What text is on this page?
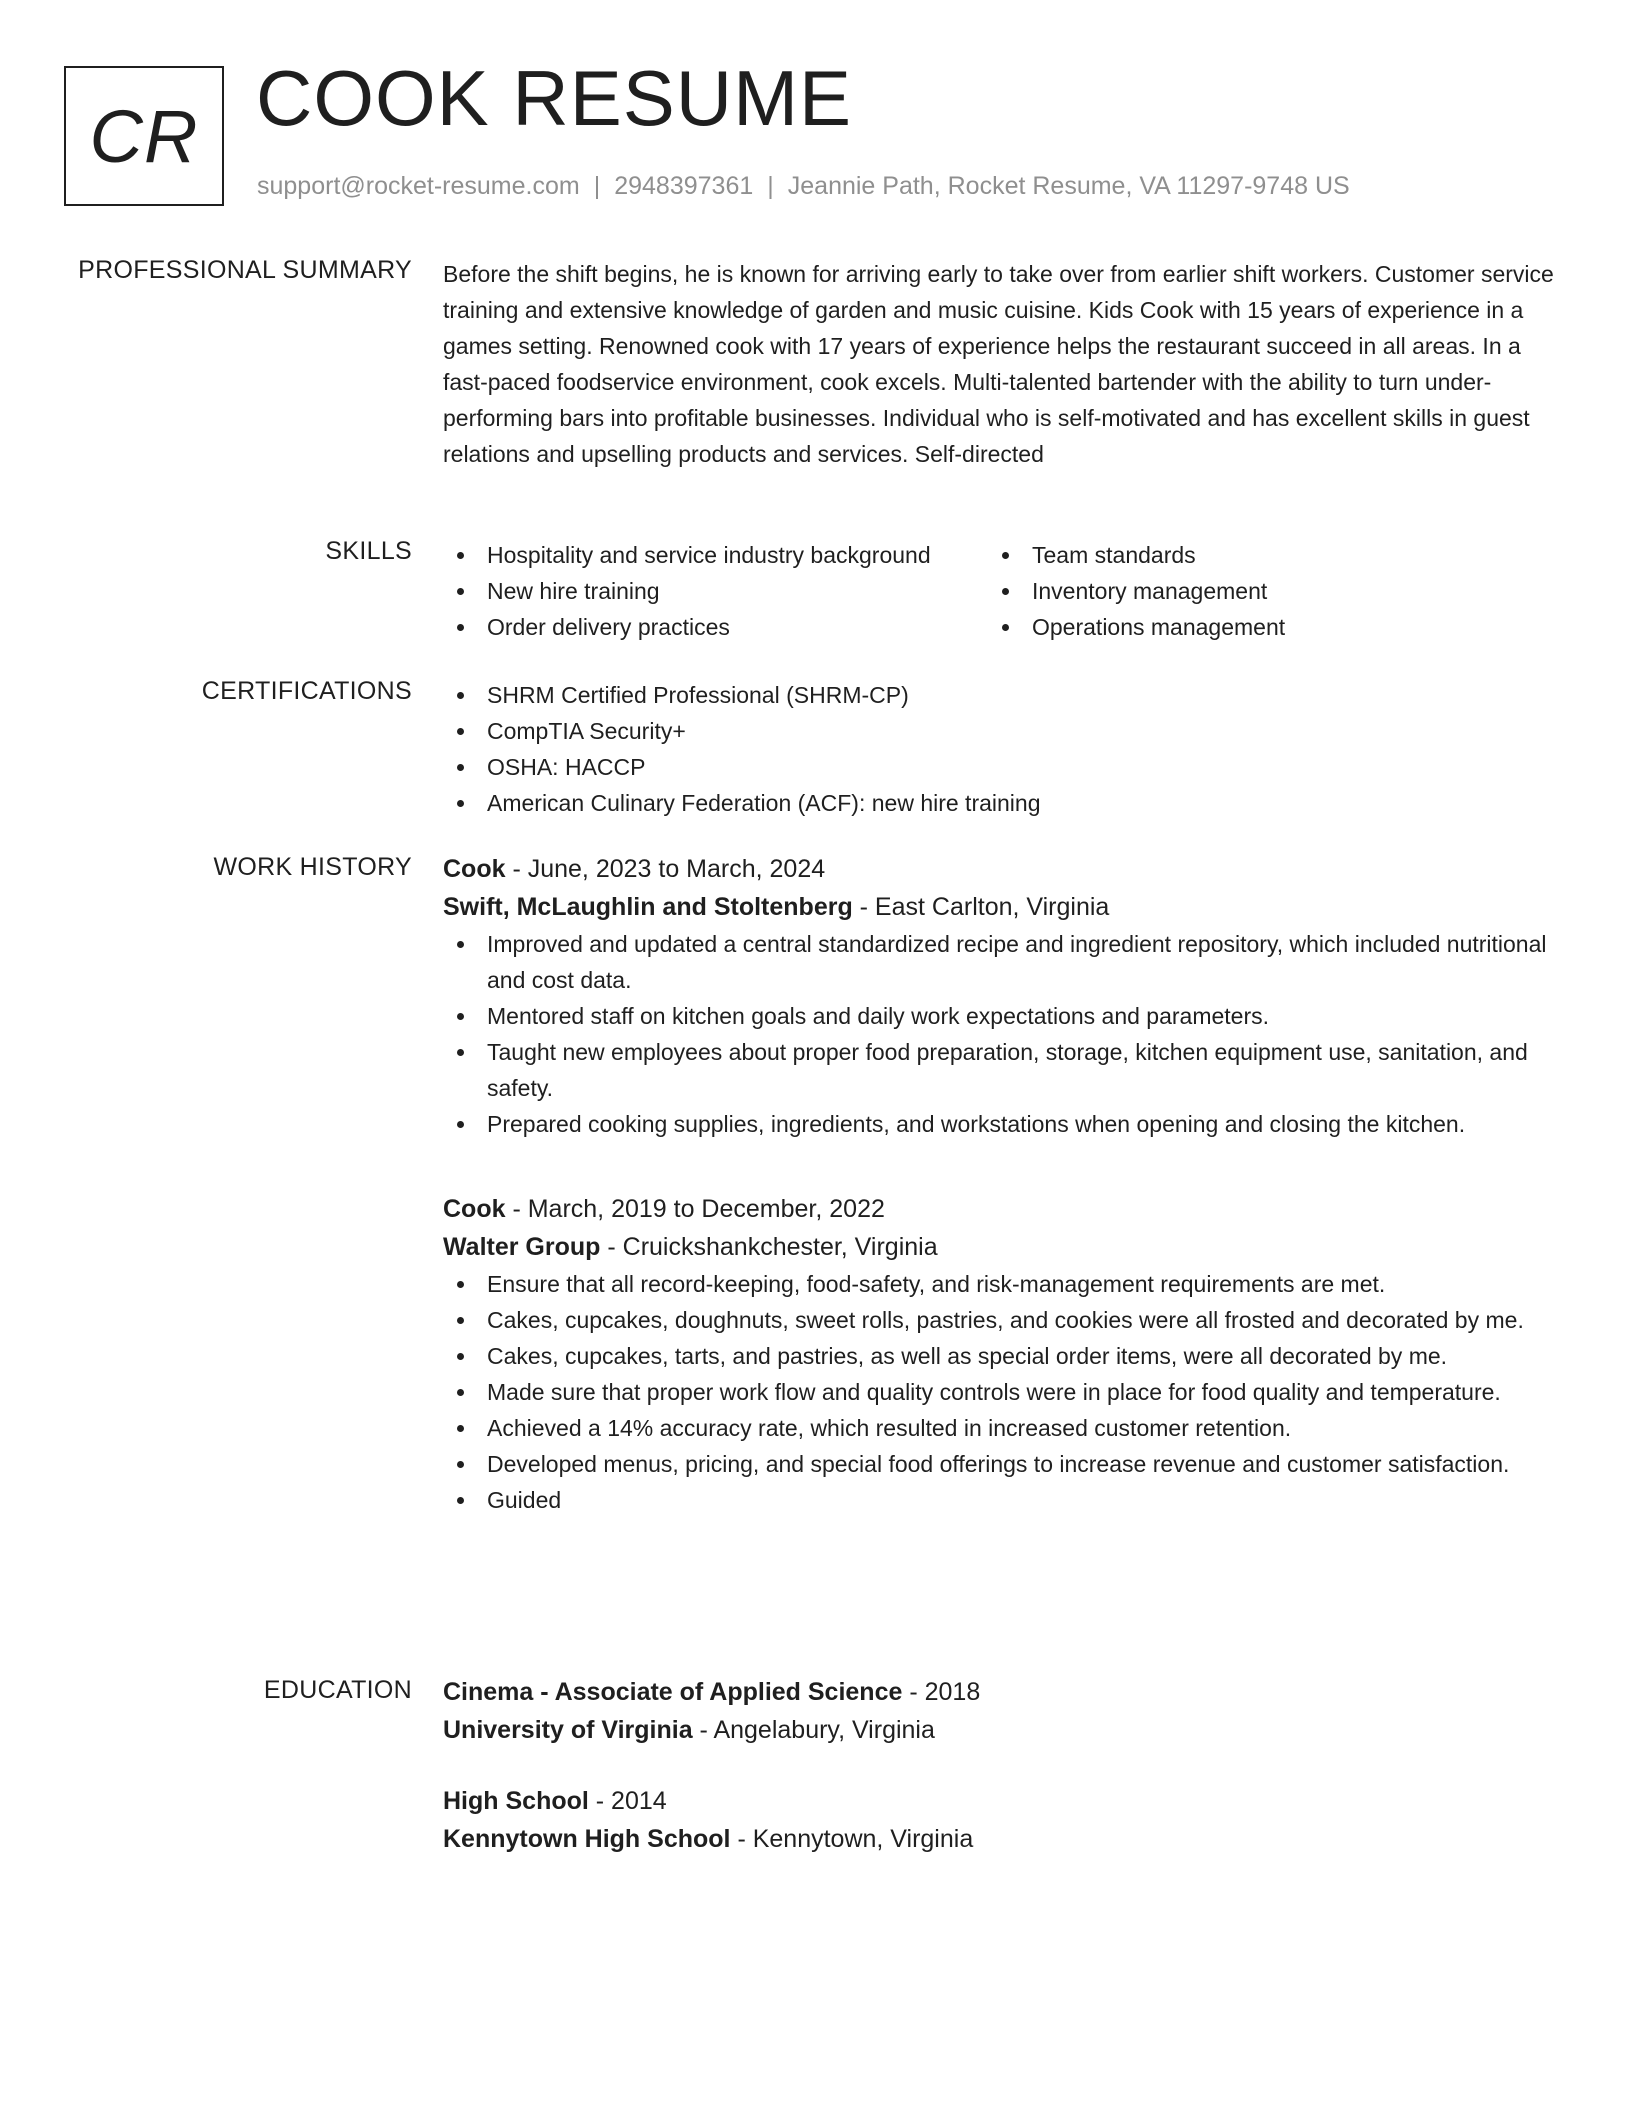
CR COOK RESUME
support@rocket-resume.com | 2948397361 | Jeannie Path, Rocket Resume, VA 11297-9748 US
PROFESSIONAL SUMMARY Before the shift begins, he is known for arriving early to take over from earlier shift workers. Customer service training and extensive knowledge of garden and music cuisine. Kids Cook with 15 years of experience in a games setting. Renowned cook with 17 years of experience helps the restaurant succeed in all areas. In a fast-paced foodservice environment, cook excels. Multi-talented bartender with the ability to turn under-performing bars into profitable businesses. Individual who is self-motivated and has excellent skills in guest relations and upselling products and services. Self-directed
SKILLS	Hospitality and service industry background
New hire training
Order delivery practices
Team standards
Inventory management
Operations management
CERTIFICATIONS	SHRM Certified Professional (SHRM-CP)
CompTIA Security+
OSHA: HACCP
American Culinary Federation (ACF): new hire training
WORK HISTORY Cook - June, 2023 to March, 2024
Swift, McLaughlin and Stoltenberg - East Carlton, Virginia
Improved and updated a central standardized recipe and ingredient repository, which included nutritional and cost data.
Mentored staff on kitchen goals and daily work expectations and parameters.
Taught new employees about proper food preparation, storage, kitchen equipment use, sanitation, and safety.
Prepared cooking supplies, ingredients, and workstations when opening and closing the kitchen.
Cook - March, 2019 to December, 2022
Walter Group - Cruickshankchester, Virginia
Ensure that all record-keeping, food-safety, and risk-management requirements are met.
Cakes, cupcakes, doughnuts, sweet rolls, pastries, and cookies were all frosted and decorated by me.
Cakes, cupcakes, tarts, and pastries, as well as special order items, were all decorated by me.
Made sure that proper work flow and quality controls were in place for food quality and temperature.
Achieved a 14% accuracy rate, which resulted in increased customer retention.
Developed menus, pricing, and special food offerings to increase revenue and customer satisfaction.
Guided
EDUCATION Cinema - Associate of Applied Science - 2018
University of Virginia - Angelabury, Virginia
High School - 2014
Kennytown High School - Kennytown, Virginia
